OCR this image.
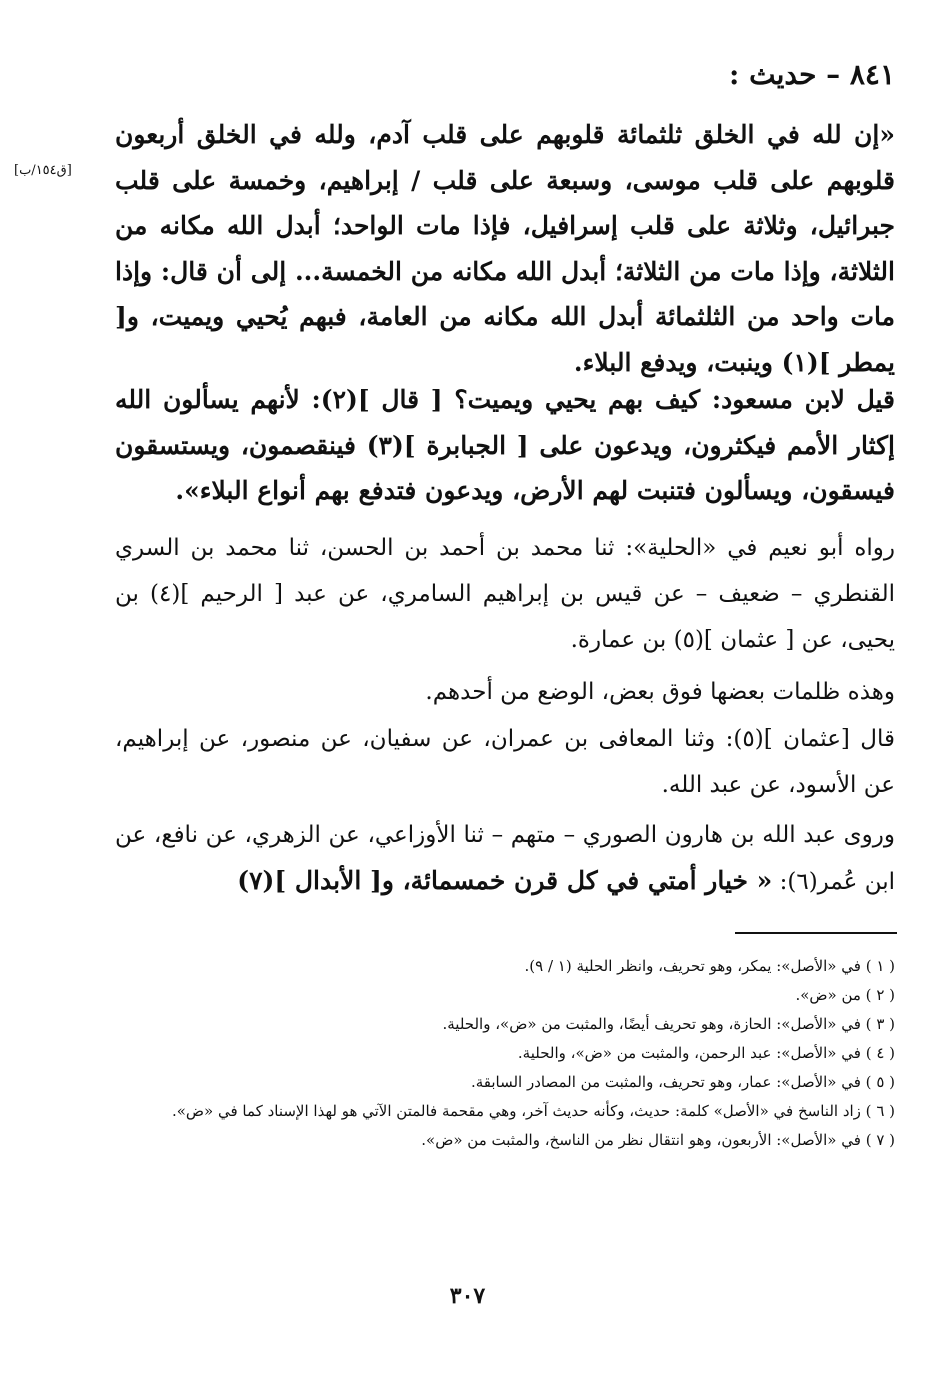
٨٤١ – حديث :
[ق١٥٤/ب]

«إن لله في الخلق ثلثمائة قلوبهم على قلب آدم، ولله في الخلق أربعون قلوبهم على قلب موسى، وسبعة على قلب / إبراهيم، وخمسة على قلب جبرائيل، وثلاثة على قلب إسرافيل، فإذا مات الواحد؛ أبدل الله مكانه من الثلاثة، وإذا مات من الثلاثة؛ أبدل الله مكانه من الخمسة... إلى أن قال: وإذا مات واحد من الثلثمائة أبدل الله مكانه من العامة، فبهم يُحيي ويميت، و[ يمطر ](١) وينبت، ويدفع البلاء.

قيل لابن مسعود: كيف بهم يحيي ويميت؟ [ قال ](٢): لأنهم يسألون الله إكثار الأمم فيكثرون، ويدعون على [ الجبابرة ](٣) فينقصمون، ويستسقون فيسقون، ويسألون فتنبت لهم الأرض، ويدعون فتدفع بهم أنواع البلاء».

رواه أبو نعيم في «الحلية»: ثنا محمد بن أحمد بن الحسن، ثنا محمد بن السري القنطري – ضعيف – عن قيس بن إبراهيم السامري، عن عبد [ الرحيم ](٤) بن يحيى، عن [ عثمان ](٥) بن عمارة.

وهذه ظلمات بعضها فوق بعض، الوضع من أحدهم.

قال [عثمان ](٥): وثنا المعافى بن عمران، عن سفيان، عن منصور، عن إبراهيم، عن الأسود، عن عبد الله.

وروى عبد الله بن هارون الصوري – متهم – ثنا الأوزاعي، عن الزهري، عن نافع، عن ابن عُمر(٦): « خيار أمتي في كل قرن خمسمائة، و[ الأبدال ](٧)

( ١ ) في «الأصل»: يمكر، وهو تحريف، وانظر الحلية (١ / ٩).
( ٢ ) من «ض».
( ٣ ) في «الأصل»: الحازة، وهو تحريف أيضًا، والمثبت من «ض»، والحلية.
( ٤ ) في «الأصل»: عبد الرحمن، والمثبت من «ض»، والحلية.
( ٥ ) في «الأصل»: عمار، وهو تحريف، والمثبت من المصادر السابقة.
( ٦ ) زاد الناسخ في «الأصل» كلمة: حديث، وكأنه حديث آخر، وهي مقحمة فالمتن الآتي هو لهذا الإسناد كما في «ض».
( ٧ ) في «الأصل»: الأربعون، وهو انتقال نظر من الناسخ، والمثبت من «ض».
٣٠٧
